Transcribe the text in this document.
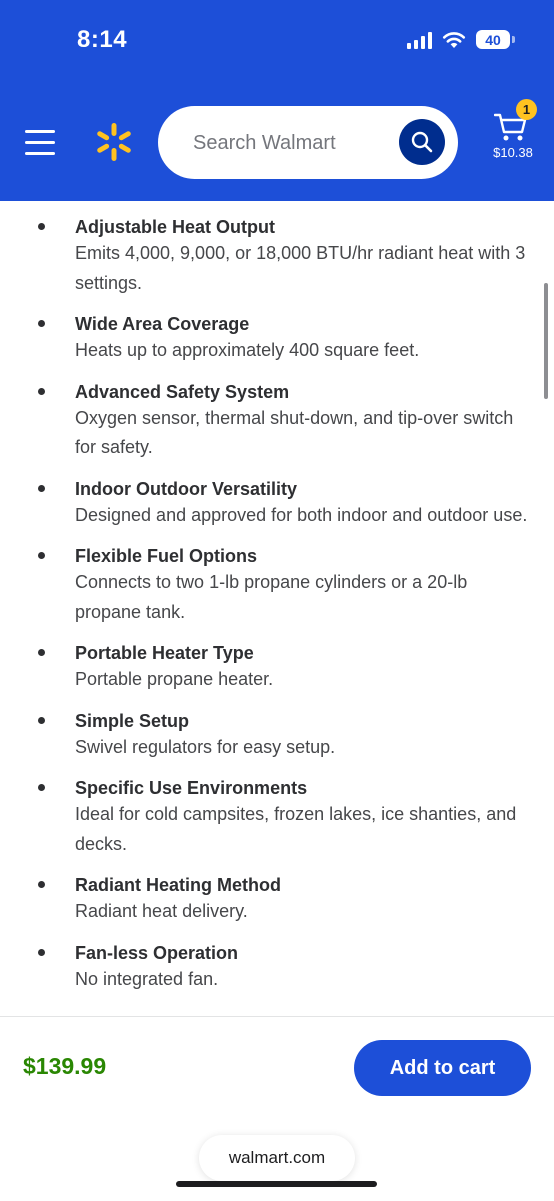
8:14	40
Search Walmart
1
$10.38
Adjustable Heat Output
Emits 4,000, 9,000, or 18,000 BTU/hr radiant heat with 3 settings.
Wide Area Coverage
Heats up to approximately 400 square feet.
Advanced Safety System
Oxygen sensor, thermal shut-down, and tip-over switch for safety.
Indoor Outdoor Versatility
Designed and approved for both indoor and outdoor use.
Flexible Fuel Options
Connects to two 1-lb propane cylinders or a 20-lb propane tank.
Portable Heater Type
Portable propane heater.
Simple Setup
Swivel regulators for easy setup.
Specific Use Environments
Ideal for cold campsites, frozen lakes, ice shanties, and decks.
Radiant Heating Method
Radiant heat delivery.
Fan-less Operation
No integrated fan.
$139.99	Add to cart
walmart.com
